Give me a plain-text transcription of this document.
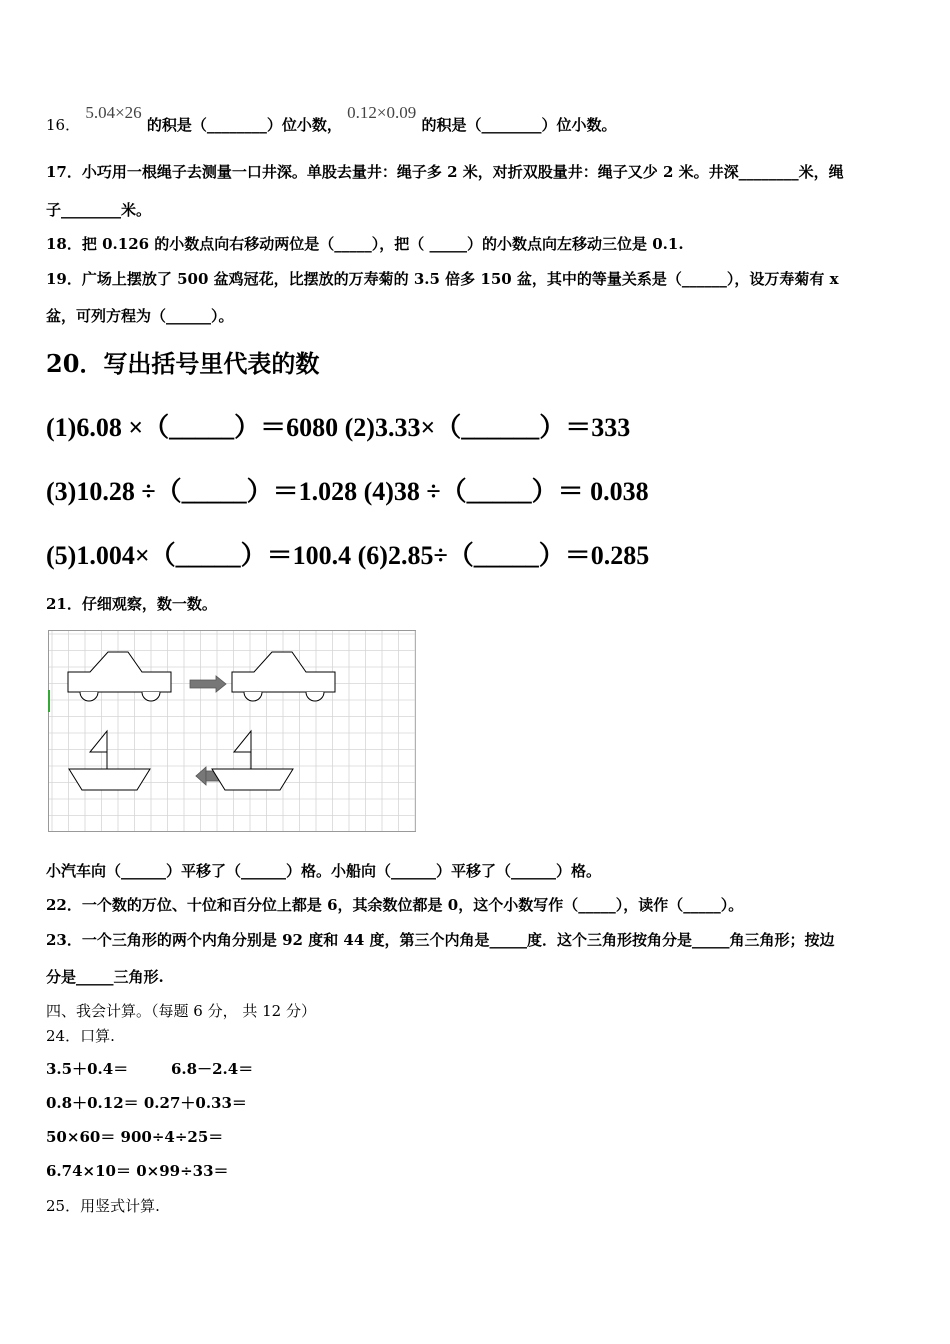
16． 5.04×26 的积是（________）位小数， 0.12×0.09 的积是（________）位小数。
17．小巧用一根绳子去测量一口井深。单股去量井：绳子多 2 米，对折双股量井：绳子又少 2 米。井深________米，绳
子________米。
18．把 0.126 的小数点向右移动两位是（_____），把（ _____）的小数点向左移动三位是 0.1.
19．广场上摆放了 500 盆鸡冠花，比摆放的万寿菊的 3.5 倍多 150 盆，其中的等量关系是（______），设万寿菊有 x
盆，可列方程为（______）。
20．写出括号里代表的数
(1)6.08 ×（_____）＝6080 (2)3.33×（______）＝333
(3)10.28 ÷（_____）＝1.028 (4)38 ÷（_____）＝ 0.038
(5)1.004×（_____）＝100.4 (6)2.85÷（_____）＝0.285
21．仔细观察，数一数。
小汽车向（______）平移了（______）格。小船向（______）平移了（______）格。
22．一个数的万位、十位和百分位上都是 6，其余数位都是 0，这个小数写作（_____），读作（_____）。
23．一个三角形的两个内角分别是 92 度和 44 度，第三个内角是_____度．这个三角形按角分是_____角三角形；按边
分是_____三角形.
四、我会计算。（每题 6 分， 共 12 分）
24．口算.
3.5＋0.4＝	6.8－2.4＝
0.8＋0.12＝ 0.27＋0.33＝
50×60＝ 900÷4÷25＝
6.74×10＝ 0×99÷33＝
25．用竖式计算.
